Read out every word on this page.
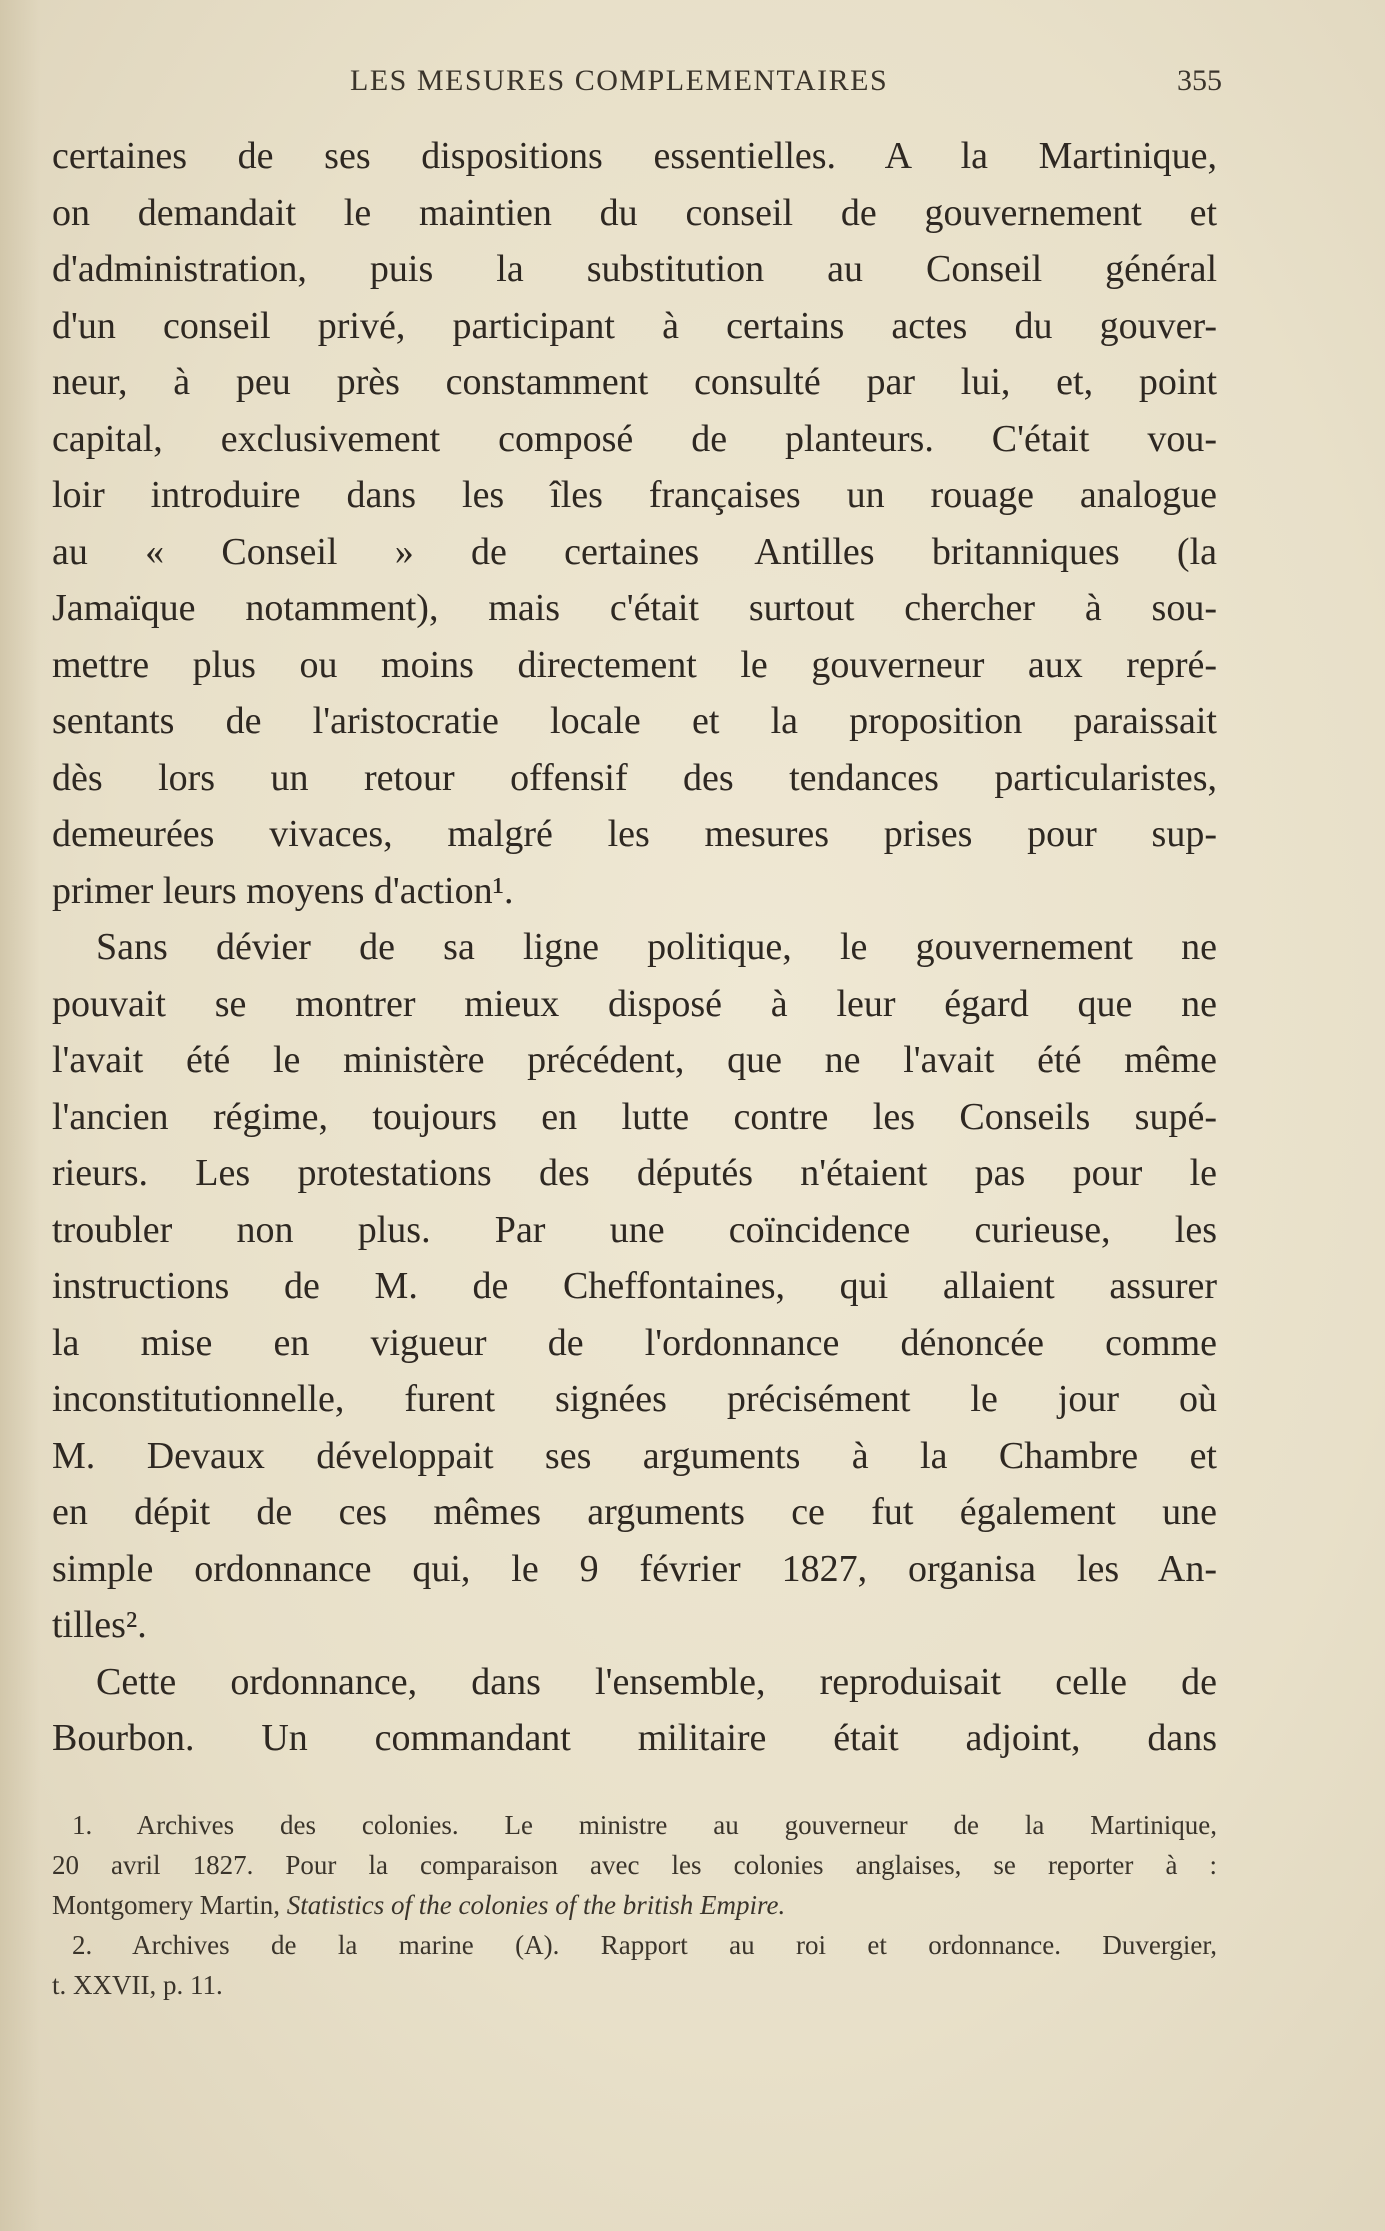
LES MESURES COMPLEMENTAIRES	355
certaines de ses dispositions essentielles. A la Martinique,
on demandait le maintien du conseil de gouvernement et
d'administration, puis la substitution au Conseil général
d'un conseil privé, participant à certains actes du gouver-
neur, à peu près constamment consulté par lui, et, point
capital, exclusivement composé de planteurs. C'était vou-
loir introduire dans les îles françaises un rouage analogue
au « Conseil » de certaines Antilles britanniques (la
Jamaïque notamment), mais c'était surtout chercher à sou-
mettre plus ou moins directement le gouverneur aux repré-
sentants de l'aristocratie locale et la proposition paraissait
dès lors un retour offensif des tendances particularistes,
demeurées vivaces, malgré les mesures prises pour sup-
primer leurs moyens d'action¹.
Sans dévier de sa ligne politique, le gouvernement ne
pouvait se montrer mieux disposé à leur égard que ne
l'avait été le ministère précédent, que ne l'avait été même
l'ancien régime, toujours en lutte contre les Conseils supé-
rieurs. Les protestations des députés n'étaient pas pour le
troubler non plus. Par une coïncidence curieuse, les
instructions de M. de Cheffontaines, qui allaient assurer
la mise en vigueur de l'ordonnance dénoncée comme
inconstitutionnelle, furent signées précisément le jour où
M. Devaux développait ses arguments à la Chambre et
en dépit de ces mêmes arguments ce fut également une
simple ordonnance qui, le 9 février 1827, organisa les An-
tilles².
Cette ordonnance, dans l'ensemble, reproduisait celle de
Bourbon. Un commandant militaire était adjoint, dans
1. Archives des colonies. Le ministre au gouverneur de la Martinique,
20 avril 1827. Pour la comparaison avec les colonies anglaises, se reporter à :
Montgomery Martin, Statistics of the colonies of the british Empire.
2. Archives de la marine (A). Rapport au roi et ordonnance. Duvergier,
t. XXVII, p. 11.
